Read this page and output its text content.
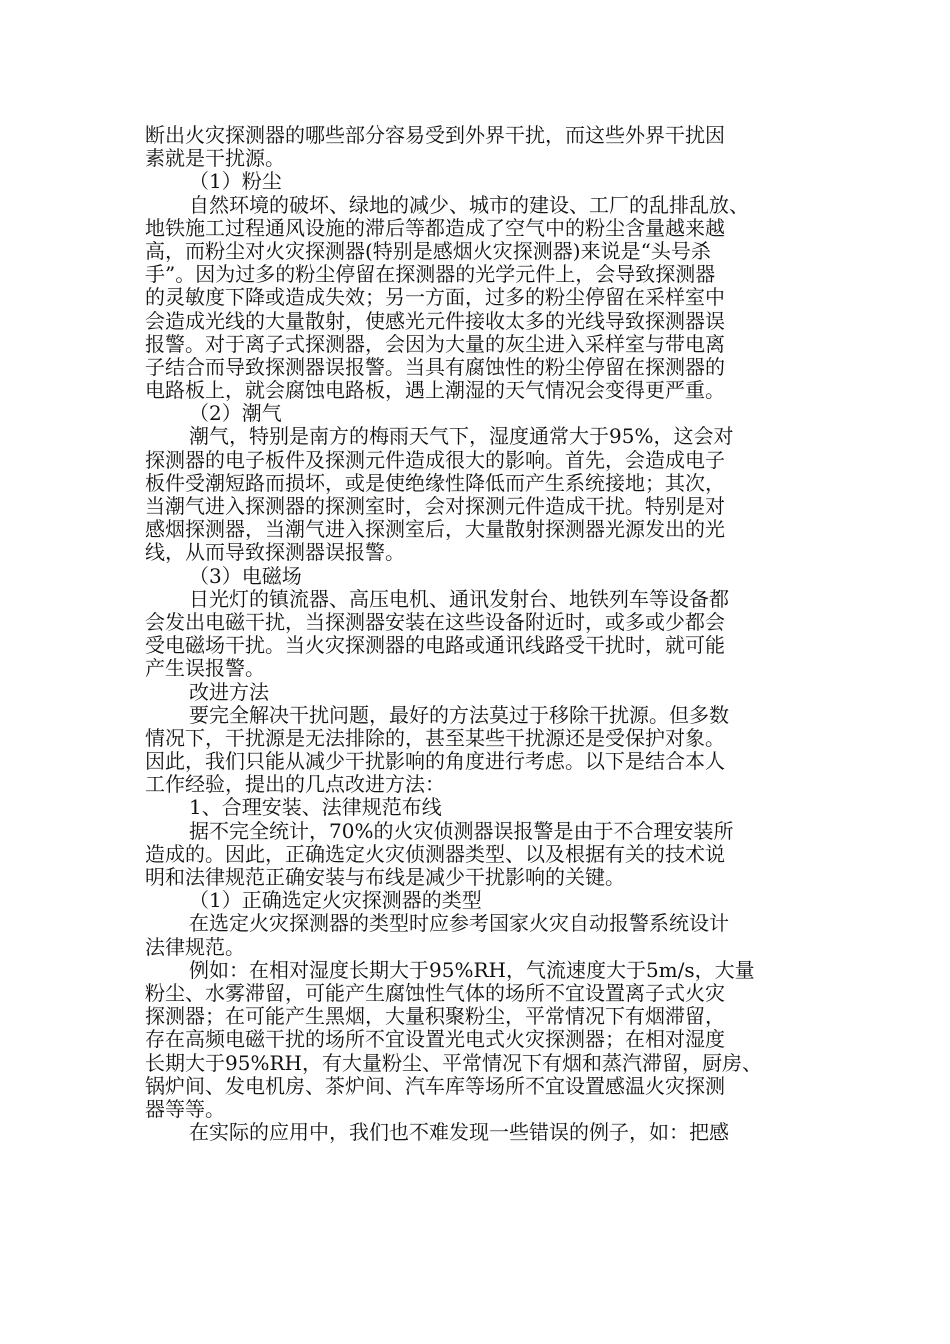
断出火灾探测器的哪些部分容易受到外界干扰，而这些外界干扰因
素就是干扰源。
（1）粉尘
自然环境的破坏、绿地的减少、城市的建设、工厂的乱排乱放、
地铁施工过程通风设施的滞后等都造成了空气中的粉尘含量越来越
高，而粉尘对火灾探测器(特别是感烟火灾探测器)来说是“头号杀
手”。因为过多的粉尘停留在探测器的光学元件上，会导致探测器
的灵敏度下降或造成失效；另一方面，过多的粉尘停留在采样室中
会造成光线的大量散射，使感光元件接收太多的光线导致探测器误
报警。对于离子式探测器，会因为大量的灰尘进入采样室与带电离
子结合而导致探测器误报警。当具有腐蚀性的粉尘停留在探测器的
电路板上，就会腐蚀电路板，遇上潮湿的天气情况会变得更严重。
（2）潮气
潮气，特别是南方的梅雨天气下，湿度通常大于95%，这会对
探测器的电子板件及探测元件造成很大的影响。首先，会造成电子
板件受潮短路而损坏，或是使绝缘性降低而产生系统接地；其次，
当潮气进入探测器的探测室时，会对探测元件造成干扰。特别是对
感烟探测器，当潮气进入探测室后，大量散射探测器光源发出的光
线，从而导致探测器误报警。
（3）电磁场
日光灯的镇流器、高压电机、通讯发射台、地铁列车等设备都
会发出电磁干扰，当探测器安装在这些设备附近时，或多或少都会
受电磁场干扰。当火灾探测器的电路或通讯线路受干扰时，就可能
产生误报警。
改进方法
要完全解决干扰问题，最好的方法莫过于移除干扰源。但多数
情况下，干扰源是无法排除的，甚至某些干扰源还是受保护对象。
因此，我们只能从减少干扰影响的角度进行考虑。以下是结合本人
工作经验，提出的几点改进方法：
1、合理安装、法律规范布线
据不完全统计，70%的火灾侦测器误报警是由于不合理安装所
造成的。因此，正确选定火灾侦测器类型、以及根据有关的技术说
明和法律规范正确安装与布线是减少干扰影响的关键。
（1）正确选定火灾探测器的类型
在选定火灾探测器的类型时应参考国家火灾自动报警系统设计
法律规范。
例如：在相对湿度长期大于95%RH，气流速度大于5m/s，大量
粉尘、水雾滞留，可能产生腐蚀性气体的场所不宜设置离子式火灾
探测器；在可能产生黑烟，大量积聚粉尘，平常情况下有烟滞留，
存在高频电磁干扰的场所不宜设置光电式火灾探测器；在相对湿度
长期大于95%RH，有大量粉尘、平常情况下有烟和蒸汽滞留，厨房、
锅炉间、发电机房、茶炉间、汽车库等场所不宜设置感温火灾探测
器等等。
在实际的应用中，我们也不难发现一些错误的例子，如：把感
